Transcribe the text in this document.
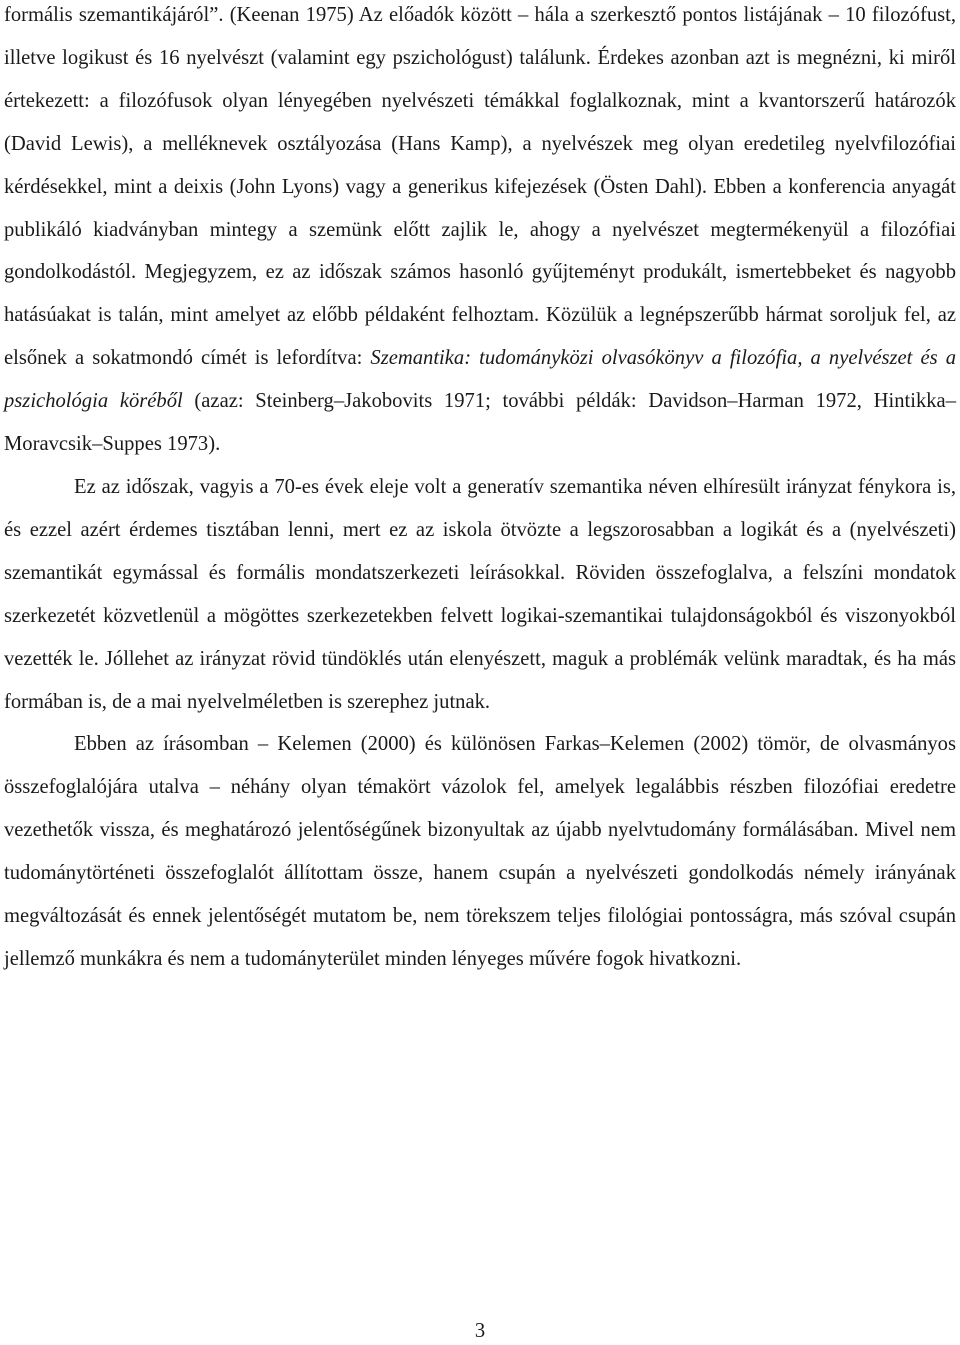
formális szemantikájáról”. (Keenan 1975) Az előadók között – hála a szerkesztő pontos listájának – 10 filozófust, illetve logikust és 16 nyelvészt (valamint egy pszichológust) találunk. Érdekes azonban azt is megnézni, ki miről értekezett: a filozófusok olyan lényegében nyelvészeti témákkal foglalkoznak, mint a kvantorszerű határozók (David Lewis), a melléknevek osztályozása (Hans Kamp), a nyelvészek meg olyan eredetileg nyelvfilozófiai kérdésekkel, mint a deixis (John Lyons) vagy a generikus kifejezések (Östen Dahl). Ebben a konferencia anyagát publikáló kiadványban mintegy a szemünk előtt zajlik le, ahogy a nyelvészet megtermékenyül a filozófiai gondolkodástól. Megjegyzem, ez az időszak számos hasonló gyűjteményt produkált, ismertebbeket és nagyobb hatásúakat is talán, mint amelyet az előbb példaként felhoztam. Közülük a legnépszerűbb hármat soroljuk fel, az elsőnek a sokatmondó címét is lefordítva: Szemantika: tudományközi olvasókönyv a filozófia, a nyelvészet és a pszichológia köréből (azaz: Steinberg–Jakobovits 1971; további példák: Davidson–Harman 1972, Hintikka–Moravcsik–Suppes 1973).

Ez az időszak, vagyis a 70-es évek eleje volt a generatív szemantika néven elhíresült irányzat fénykora is, és ezzel azért érdemes tisztában lenni, mert ez az iskola ötvözte a legszorosabban a logikát és a (nyelvészeti) szemantikát egymással és formális mondatszerkezeti leírásokkal. Röviden összefoglalva, a felszíni mondatok szerkezetét közvetlenül a mögöttes szerkezetekben felvett logikai-szemantikai tulajdonságokból és viszonyokból vezették le. Jóllehet az irányzat rövid tündöklés után elenyészett, maguk a problémák velünk maradtak, és ha más formában is, de a mai nyelvelméletben is szerephez jutnak.

Ebben az írásomban – Kelemen (2000) és különösen Farkas–Kelemen (2002) tömör, de olvasmányos összefoglalójára utalva – néhány olyan témakört vázolok fel, amelyek legalábbis részben filozófiai eredetre vezethetők vissza, és meghatározó jelentőségűnek bizonyultak az újabb nyelvtudomány formálásában. Mivel nem tudománytörténeti összefoglalót állítottam össze, hanem csupán a nyelvészeti gondolkodás némely irányának megváltozását és ennek jelentőségét mutatom be, nem törekszem teljes filológiai pontosságra, más szóval csupán jellemző munkákra és nem a tudományterület minden lényeges művére fogok hivatkozni.

3
